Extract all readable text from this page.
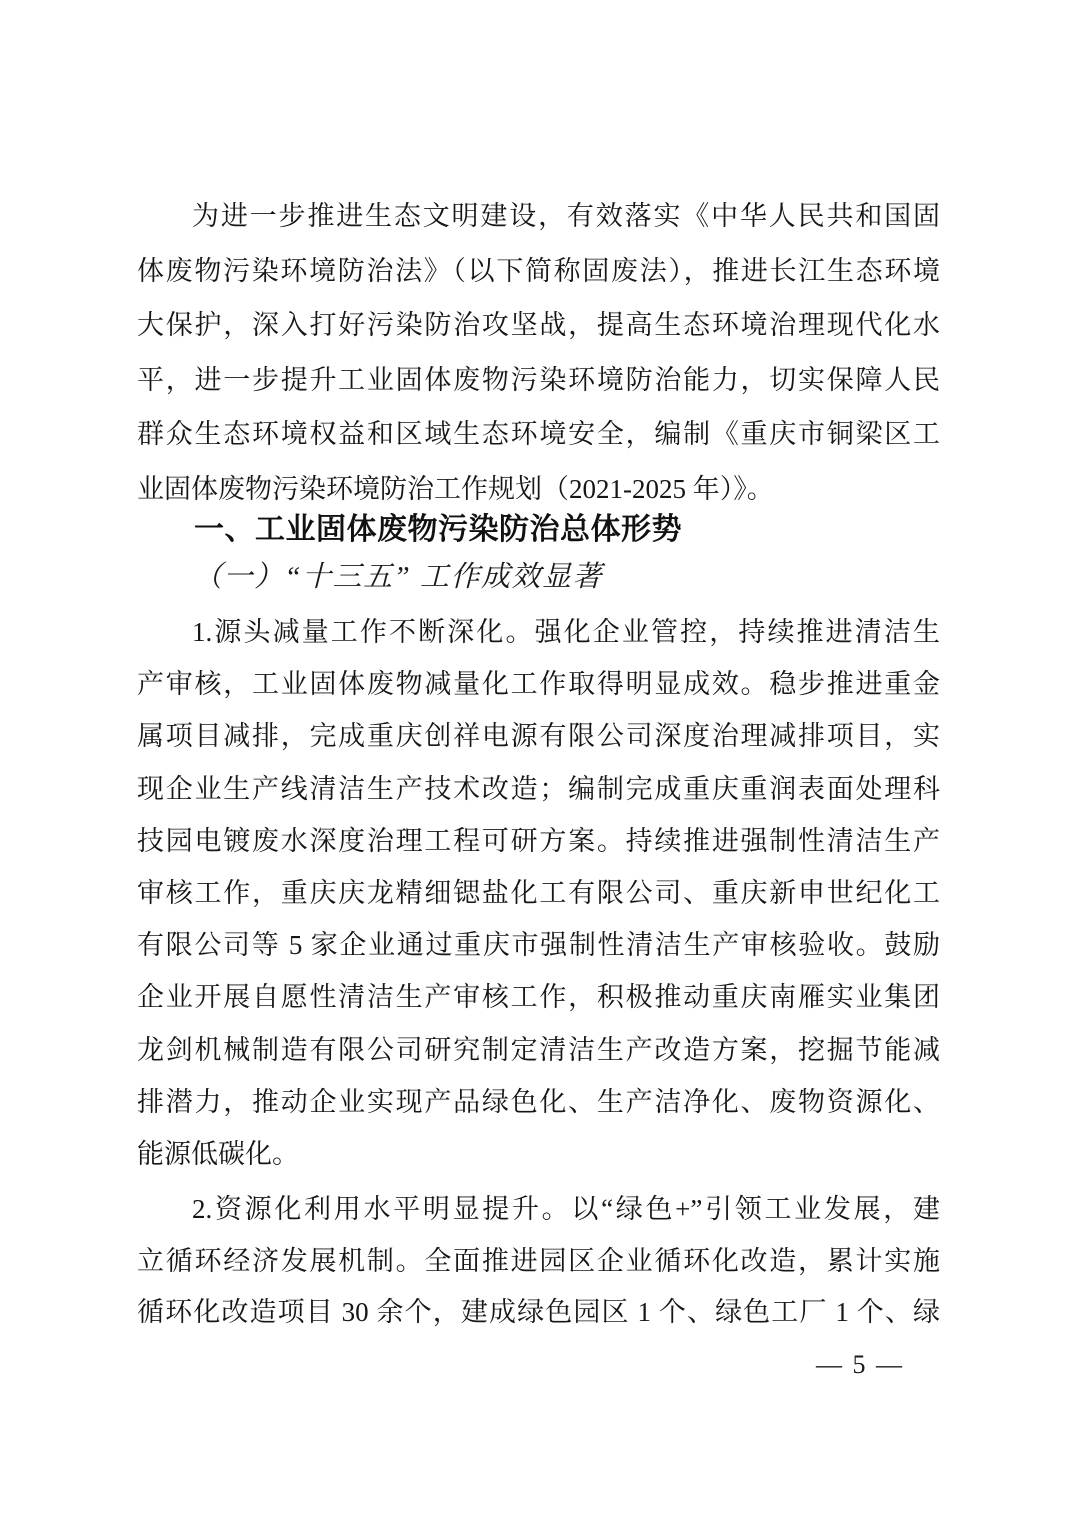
为进一步推进生态文明建设，有效落实《中华人民共和国固
体废物污染环境防治法》（以下简称固废法），推进长江生态环境
大保护，深入打好污染防治攻坚战，提高生态环境治理现代化水
平，进一步提升工业固体废物污染环境防治能力，切实保障人民
群众生态环境权益和区域生态环境安全，编制《重庆市铜梁区工
业固体废物污染环境防治工作规划（2021-2025 年）》。
一、工业固体废物污染防治总体形势
（一）“十三五” 工作成效显著
1.源头减量工作不断深化。强化企业管控，持续推进清洁生
产审核，工业固体废物减量化工作取得明显成效。稳步推进重金
属项目减排，完成重庆创祥电源有限公司深度治理减排项目，实
现企业生产线清洁生产技术改造；编制完成重庆重润表面处理科
技园电镀废水深度治理工程可研方案。持续推进强制性清洁生产
审核工作，重庆庆龙精细锶盐化工有限公司、重庆新申世纪化工
有限公司等 5 家企业通过重庆市强制性清洁生产审核验收。鼓励
企业开展自愿性清洁生产审核工作，积极推动重庆南雁实业集团
龙剑机械制造有限公司研究制定清洁生产改造方案，挖掘节能减
排潜力，推动企业实现产品绿色化、生产洁净化、废物资源化、
能源低碳化。
2.资源化利用水平明显提升。以“绿色+”引领工业发展，建
立循环经济发展机制。全面推进园区企业循环化改造，累计实施
循环化改造项目 30 余个，建成绿色园区 1 个、绿色工厂 1 个、绿
— 5 —
